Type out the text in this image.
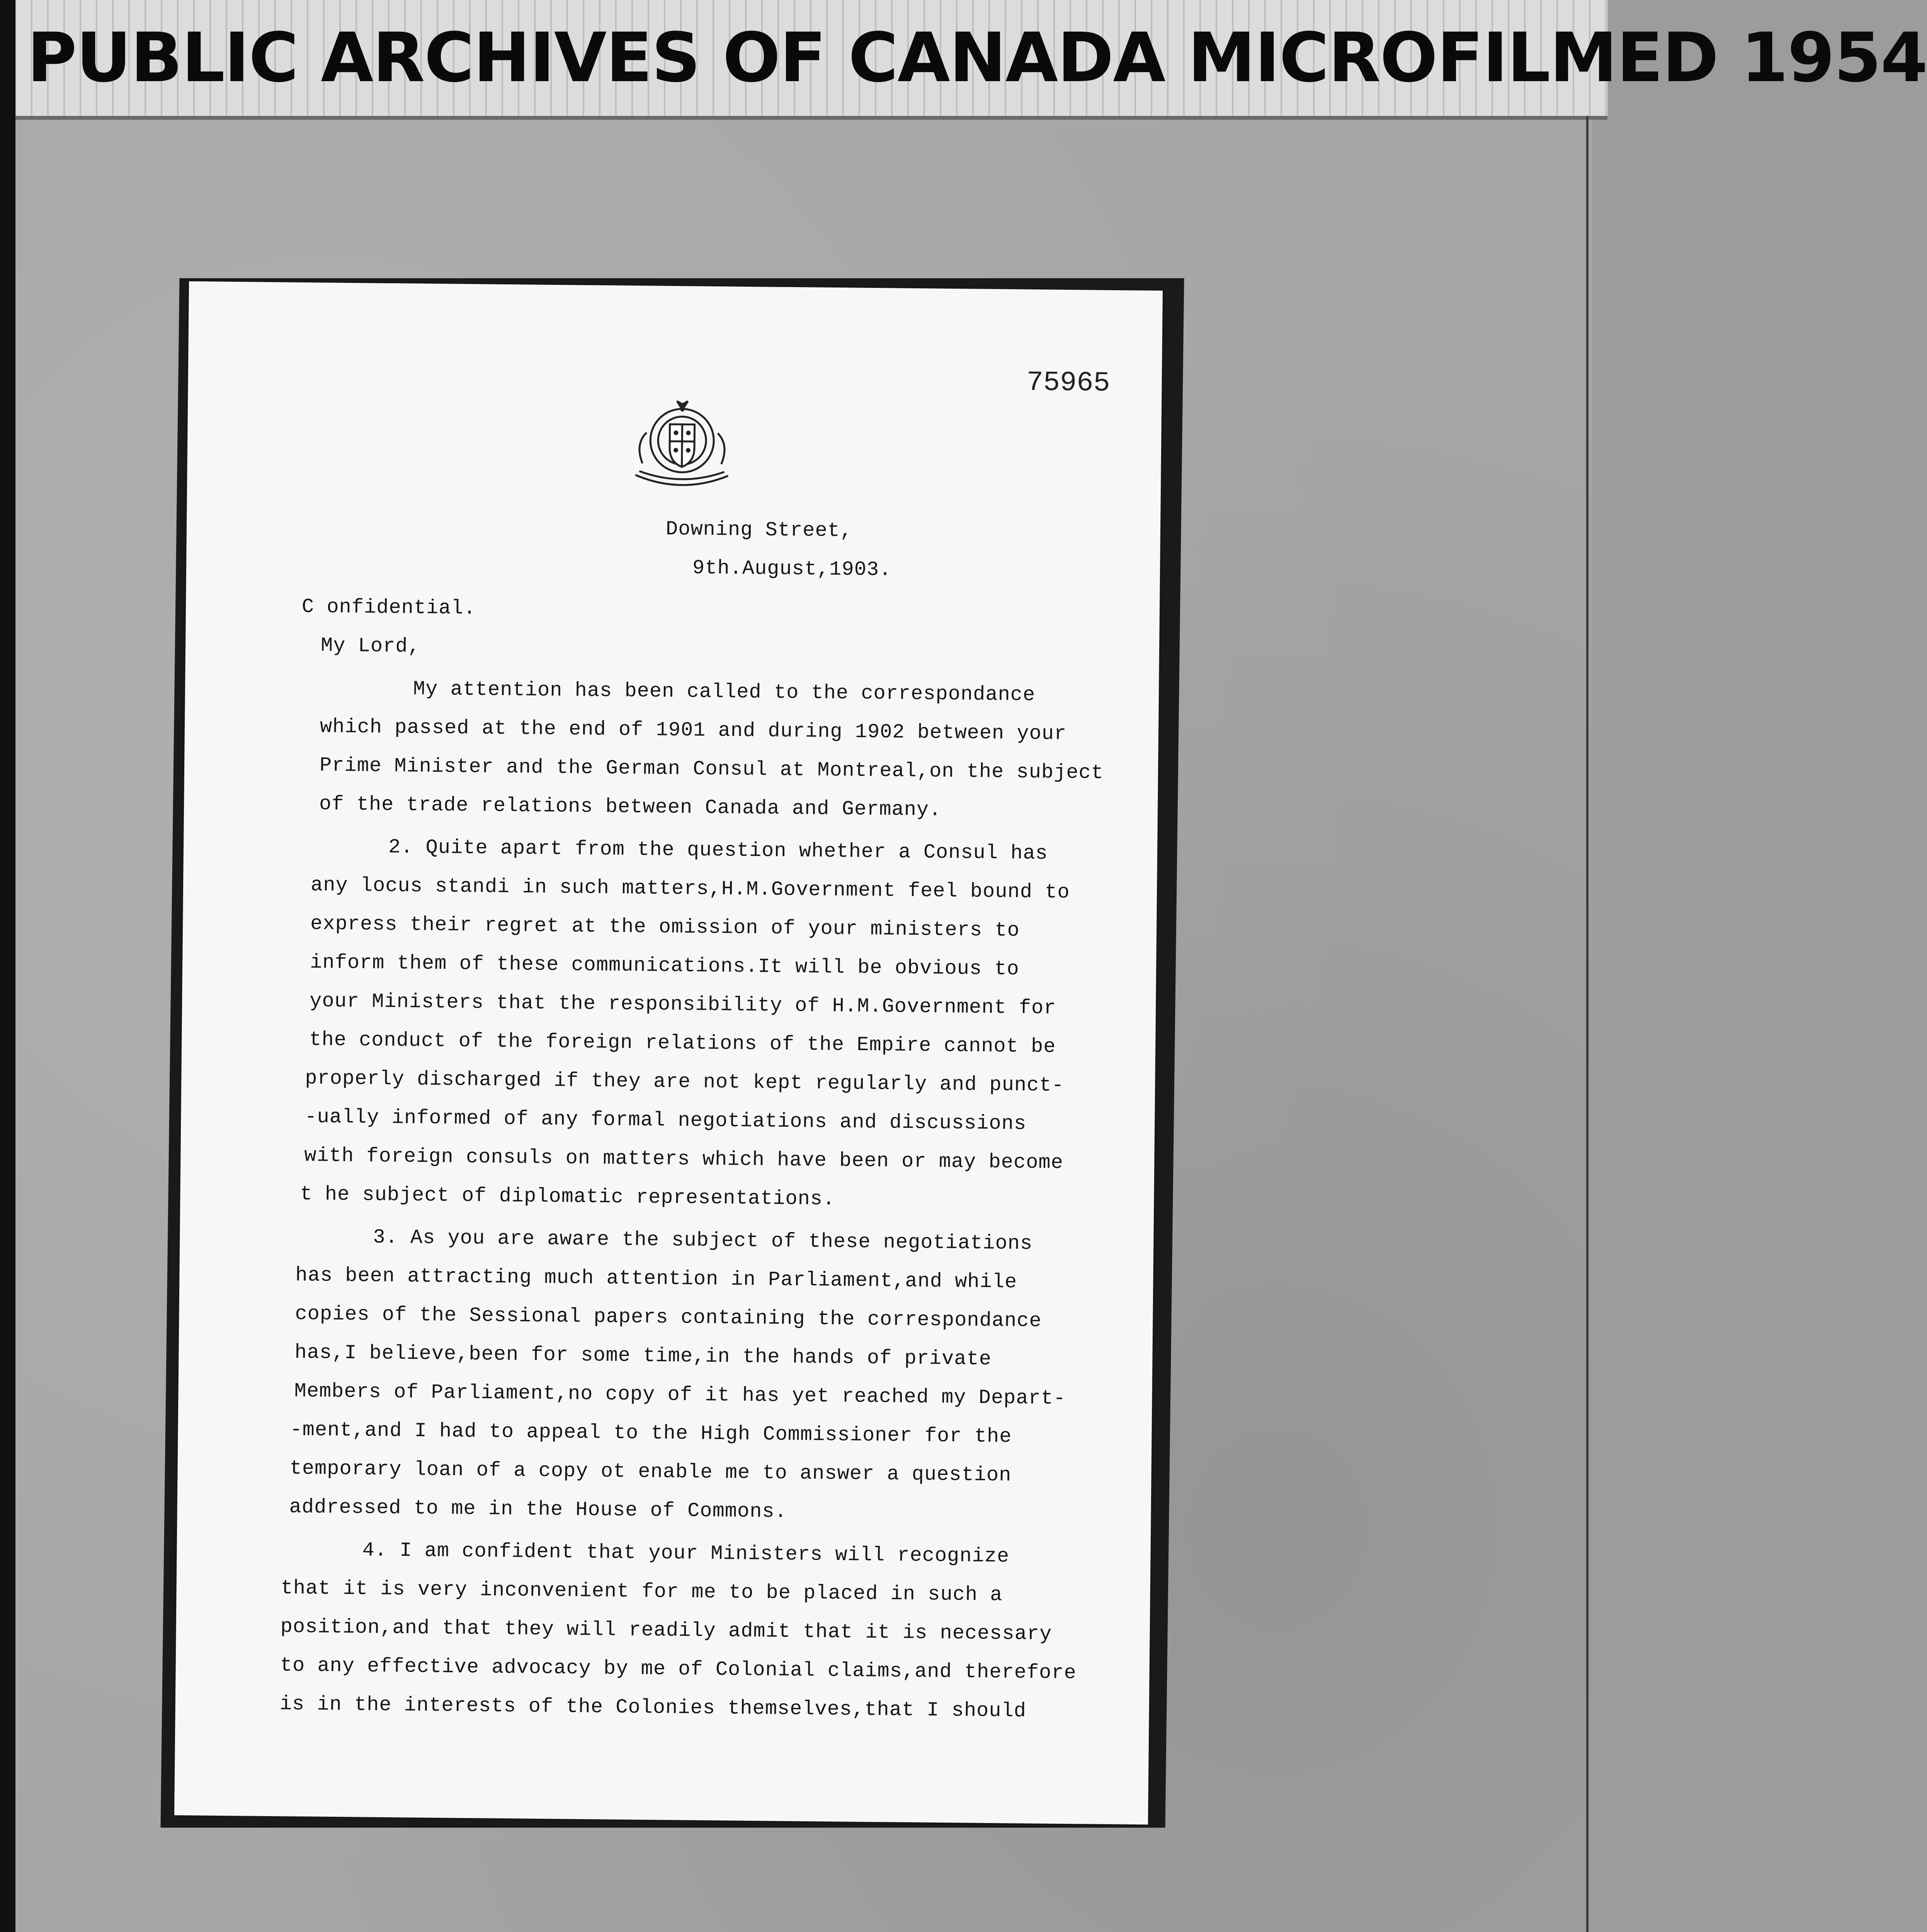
PUBLIC ARCHIVES OF CANADA MICROFILMED 1954
75965
Downing Street,
9th.August,1903.
C onfidential.
My Lord,
My attention has been called to the correspondance
which passed at the end of 1901 and during 1902 between your
Prime Minister and the German Consul at Montreal,on the subject
of the trade relations between Canada and Germany.
2. Quite apart from the question whether a Consul has
any locus standi in such matters,H.M.Government feel bound to
express their regret at the omission of your ministers to
inform them of these communications.It will be obvious to
your Ministers that the responsibility of H.M.Government for
the conduct of the foreign relations of the Empire cannot be
properly discharged if they are not kept regularly and punct-
-ually informed of any formal negotiations and discussions
with foreign consuls on matters which have been or may become
t he subject of diplomatic representations.
3. As you are aware the subject of these negotiations
has been attracting much attention in Parliament,and while
copies of the Sessional papers containing the correspondance
has,I believe,been for some time,in the hands of private
Members of Parliament,no copy of it has yet reached my Depart-
-ment,and I had to appeal to the High Commissioner for the
temporary loan of a copy ot enable me to answer a question
addressed to me in the House of Commons.
4. I am confident that your Ministers will recognize
that it is very inconvenient for me to be placed in such a
position,and that they will readily admit that it is necessary
to any effective advocacy by me of Colonial claims,and therefore
is in the interests of the Colonies themselves,that I should
